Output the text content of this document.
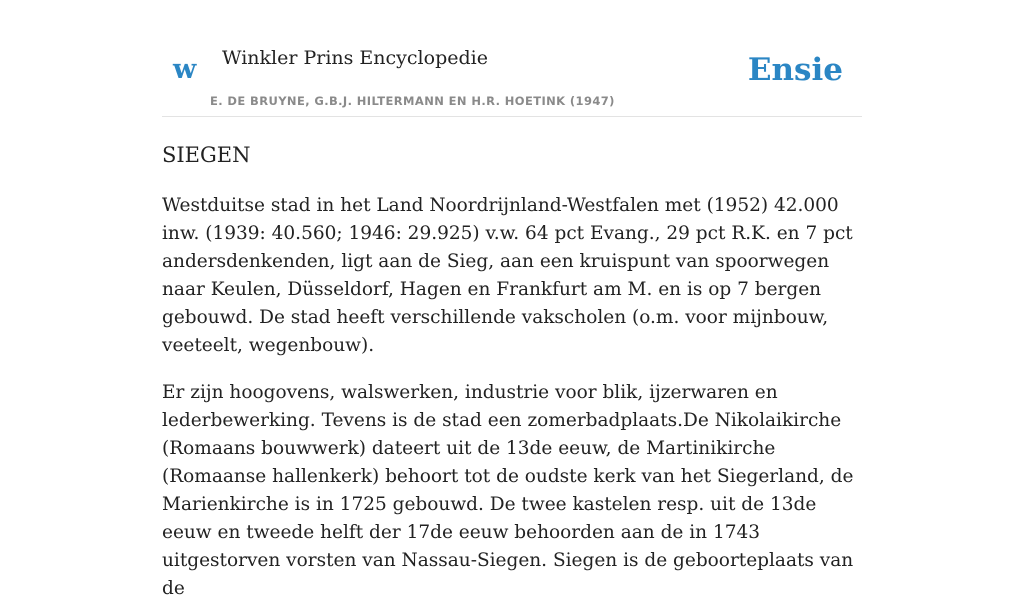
w Winkler Prins Encyclopedie
E. DE BRUYNE, G.B.J. HILTERMANN EN H.R. HOETINK (1947)
Ensie
SIEGEN

Westduitse stad in het Land Noordrijnland-Westfalen met (1952) 42.000 inw. (1939: 40.560; 1946: 29.925) v.w. 64 pct Evang., 29 pct R.K. en 7 pct andersdenkenden, ligt aan de Sieg, aan een kruispunt van spoorwegen naar Keulen, Düsseldorf, Hagen en Frankfurt am M. en is op 7 bergen gebouwd. De stad heeft verschillende vakscholen (o.m. voor mijnbouw, veeteelt, wegenbouw).

Er zijn hoogovens, walswerken, industrie voor blik, ijzerwaren en lederbewerking. Tevens is de stad een zomerbadplaats.De Nikolaikirche (Romaans bouwwerk) dateert uit de 13de eeuw, de Martinikirche (Romaanse hallenkerk) behoort tot de oudste kerk van het Siegerland, de Marienkirche is in 1725 gebouwd. De twee kastelen resp. uit de 13de eeuw en tweede helft der 17de eeuw behoorden aan de in 1743 uitgestorven vorsten van Nassau-Siegen. Siegen is de geboorteplaats van de
